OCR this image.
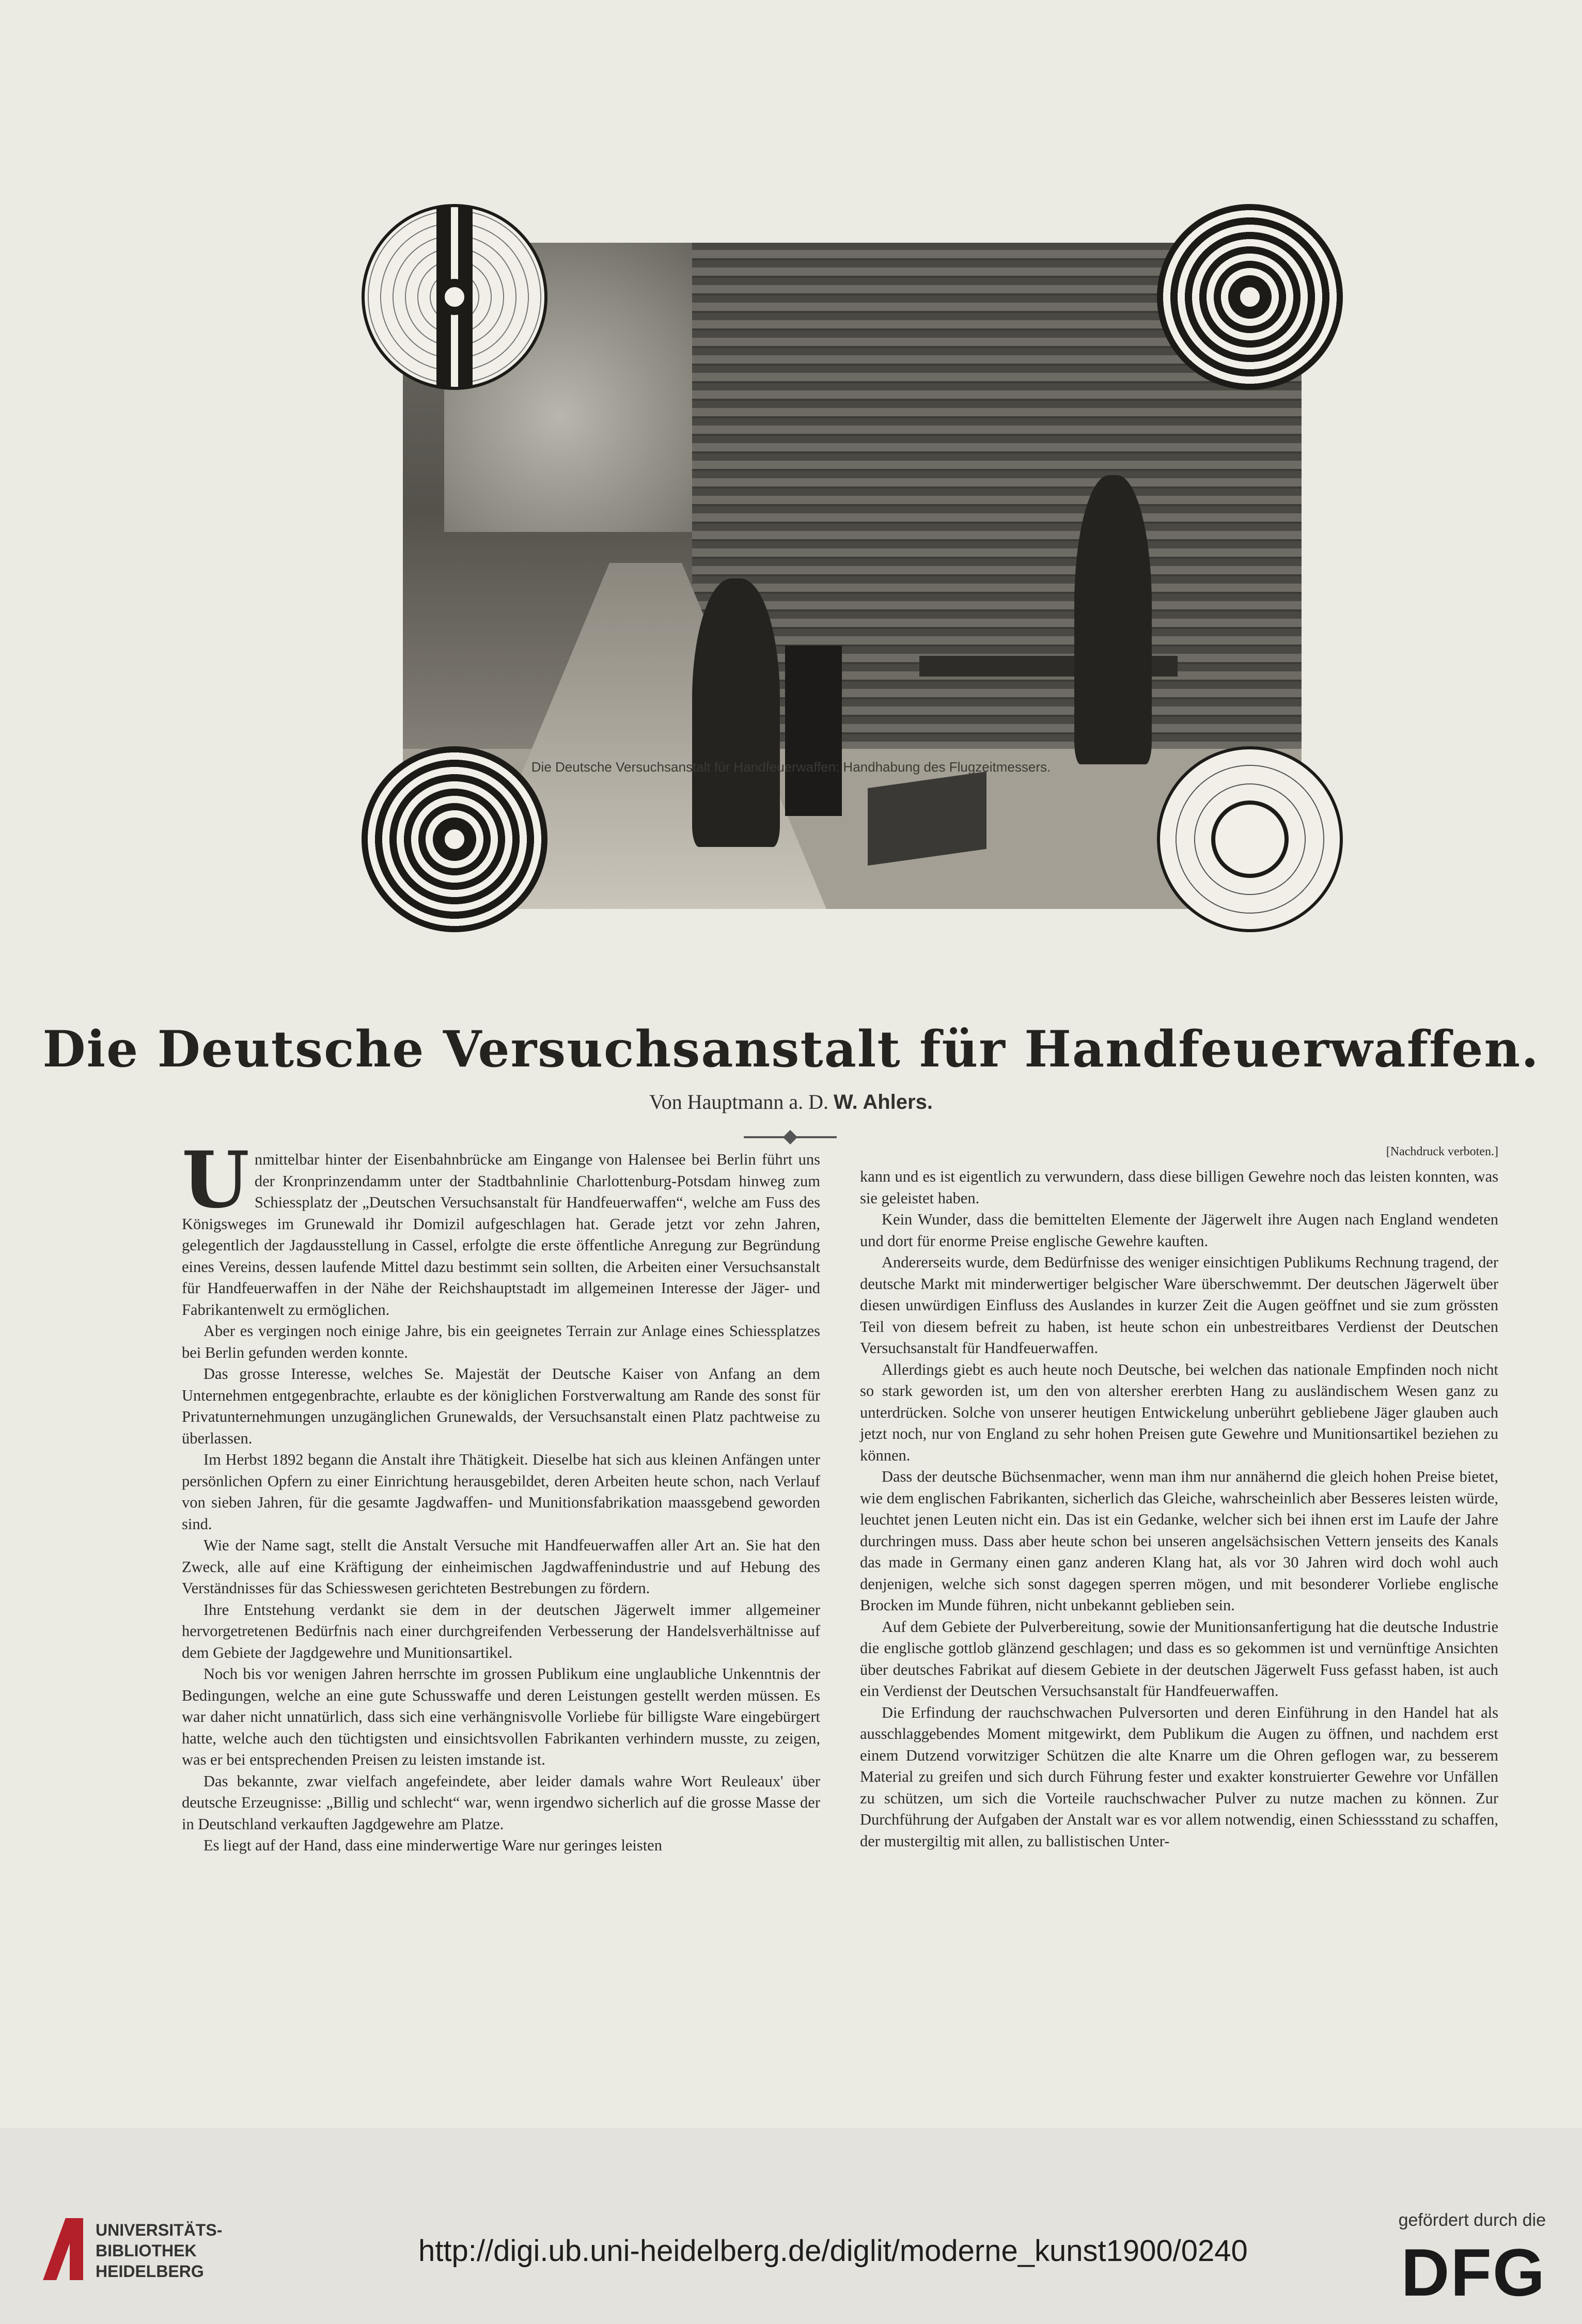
Die Deutsche Versuchsanstalt für Handfeuerwaffen: Handhabung des Flugzeitmessers.
Die Deutsche Versuchsanstalt für Handfeuerwaffen.
Von Hauptmann a. D. W. Ahlers.

Unmittelbar hinter der Eisenbahnbrücke am Eingange von Halensee bei Berlin führt uns der Kronprinzendamm unter der Stadtbahnlinie Charlottenburg-Potsdam hinweg zum Schiessplatz der „Deutschen Versuchsanstalt für Handfeuerwaffen“, welche am Fuss des Königsweges im Grunewald ihr Domizil aufgeschlagen hat. Gerade jetzt vor zehn Jahren, gelegentlich der Jagdausstellung in Cassel, erfolgte die erste öffentliche Anregung zur Begründung eines Vereins, dessen laufende Mittel dazu bestimmt sein sollten, die Arbeiten einer Versuchsanstalt für Handfeuerwaffen in der Nähe der Reichshauptstadt im allgemeinen Interesse der Jäger- und Fabrikantenwelt zu ermöglichen.

Aber es vergingen noch einige Jahre, bis ein geeignetes Terrain zur Anlage eines Schiessplatzes bei Berlin gefunden werden konnte.

Das grosse Interesse, welches Se. Majestät der Deutsche Kaiser von Anfang an dem Unternehmen entgegenbrachte, erlaubte es der königlichen Forstverwaltung am Rande des sonst für Privatunternehmungen unzugänglichen Grunewalds, der Versuchsanstalt einen Platz pachtweise zu überlassen.

Im Herbst 1892 begann die Anstalt ihre Thätigkeit. Dieselbe hat sich aus kleinen Anfängen unter persönlichen Opfern zu einer Einrichtung herausgebildet, deren Arbeiten heute schon, nach Verlauf von sieben Jahren, für die gesamte Jagdwaffen- und Munitionsfabrikation maassgebend geworden sind.

Wie der Name sagt, stellt die Anstalt Versuche mit Handfeuerwaffen aller Art an. Sie hat den Zweck, alle auf eine Kräftigung der einheimischen Jagdwaffenindustrie und auf Hebung des Verständnisses für das Schiesswesen gerichteten Bestrebungen zu fördern.

Ihre Entstehung verdankt sie dem in der deutschen Jägerwelt immer allgemeiner hervorgetretenen Bedürfnis nach einer durchgreifenden Verbesserung der Handelsverhältnisse auf dem Gebiete der Jagdgewehre und Munitionsartikel.

Noch bis vor wenigen Jahren herrschte im grossen Publikum eine unglaubliche Unkenntnis der Bedingungen, welche an eine gute Schusswaffe und deren Leistungen gestellt werden müssen. Es war daher nicht unnatürlich, dass sich eine verhängnisvolle Vorliebe für billigste Ware eingebürgert hatte, welche auch den tüchtigsten und einsichtsvollen Fabrikanten verhindern musste, zu zeigen, was er bei entsprechenden Preisen zu leisten imstande ist.

Das bekannte, zwar vielfach angefeindete, aber leider damals wahre Wort Reuleaux' über deutsche Erzeugnisse: „Billig und schlecht“ war, wenn irgendwo sicherlich auf die grosse Masse der in Deutschland verkauften Jagdgewehre am Platze.

Es liegt auf der Hand, dass eine minderwertige Ware nur geringes leisten

[Nachdruck verboten.]

kann und es ist eigentlich zu verwundern, dass diese billigen Gewehre noch das leisten konnten, was sie geleistet haben.

Kein Wunder, dass die bemittelten Elemente der Jägerwelt ihre Augen nach England wendeten und dort für enorme Preise englische Gewehre kauften.

Andererseits wurde, dem Bedürfnisse des weniger einsichtigen Publikums Rechnung tragend, der deutsche Markt mit minderwertiger belgischer Ware überschwemmt. Der deutschen Jägerwelt über diesen unwürdigen Einfluss des Auslandes in kurzer Zeit die Augen geöffnet und sie zum grössten Teil von diesem befreit zu haben, ist heute schon ein unbestreitbares Verdienst der Deutschen Versuchsanstalt für Handfeuerwaffen.

Allerdings giebt es auch heute noch Deutsche, bei welchen das nationale Empfinden noch nicht so stark geworden ist, um den von altersher ererbten Hang zu ausländischem Wesen ganz zu unterdrücken. Solche von unserer heutigen Entwickelung unberührt gebliebene Jäger glauben auch jetzt noch, nur von England zu sehr hohen Preisen gute Gewehre und Munitionsartikel beziehen zu können.

Dass der deutsche Büchsenmacher, wenn man ihm nur annähernd die gleich hohen Preise bietet, wie dem englischen Fabrikanten, sicherlich das Gleiche, wahrscheinlich aber Besseres leisten würde, leuchtet jenen Leuten nicht ein. Das ist ein Gedanke, welcher sich bei ihnen erst im Laufe der Jahre durchringen muss. Dass aber heute schon bei unseren angelsächsischen Vettern jenseits des Kanals das made in Germany einen ganz anderen Klang hat, als vor 30 Jahren wird doch wohl auch denjenigen, welche sich sonst dagegen sperren mögen, und mit besonderer Vorliebe englische Brocken im Munde führen, nicht unbekannt geblieben sein.

Auf dem Gebiete der Pulverbereitung, sowie der Munitionsanfertigung hat die deutsche Industrie die englische gottlob glänzend geschlagen; und dass es so gekommen ist und vernünftige Ansichten über deutsches Fabrikat auf diesem Gebiete in der deutschen Jägerwelt Fuss gefasst haben, ist auch ein Verdienst der Deutschen Versuchsanstalt für Handfeuerwaffen.

Die Erfindung der rauchschwachen Pulversorten und deren Einführung in den Handel hat als ausschlaggebendes Moment mitgewirkt, dem Publikum die Augen zu öffnen, und nachdem erst einem Dutzend vorwitziger Schützen die alte Knarre um die Ohren geflogen war, zu besserem Material zu greifen und sich durch Führung fester und exakter konstruierter Gewehre vor Unfällen zu schützen, um sich die Vorteile rauchschwacher Pulver zu nutze machen zu können. Zur Durchführung der Aufgaben der Anstalt war es vor allem notwendig, einen Schiessstand zu schaffen, der mustergiltig mit allen, zu ballistischen Unter-

UNIVERSITÄTS-
BIBLIOTHEK
HEIDELBERG
http://digi.ub.uni-heidelberg.de/diglit/moderne_kunst1900/0240
gefördert durch die
DFG
